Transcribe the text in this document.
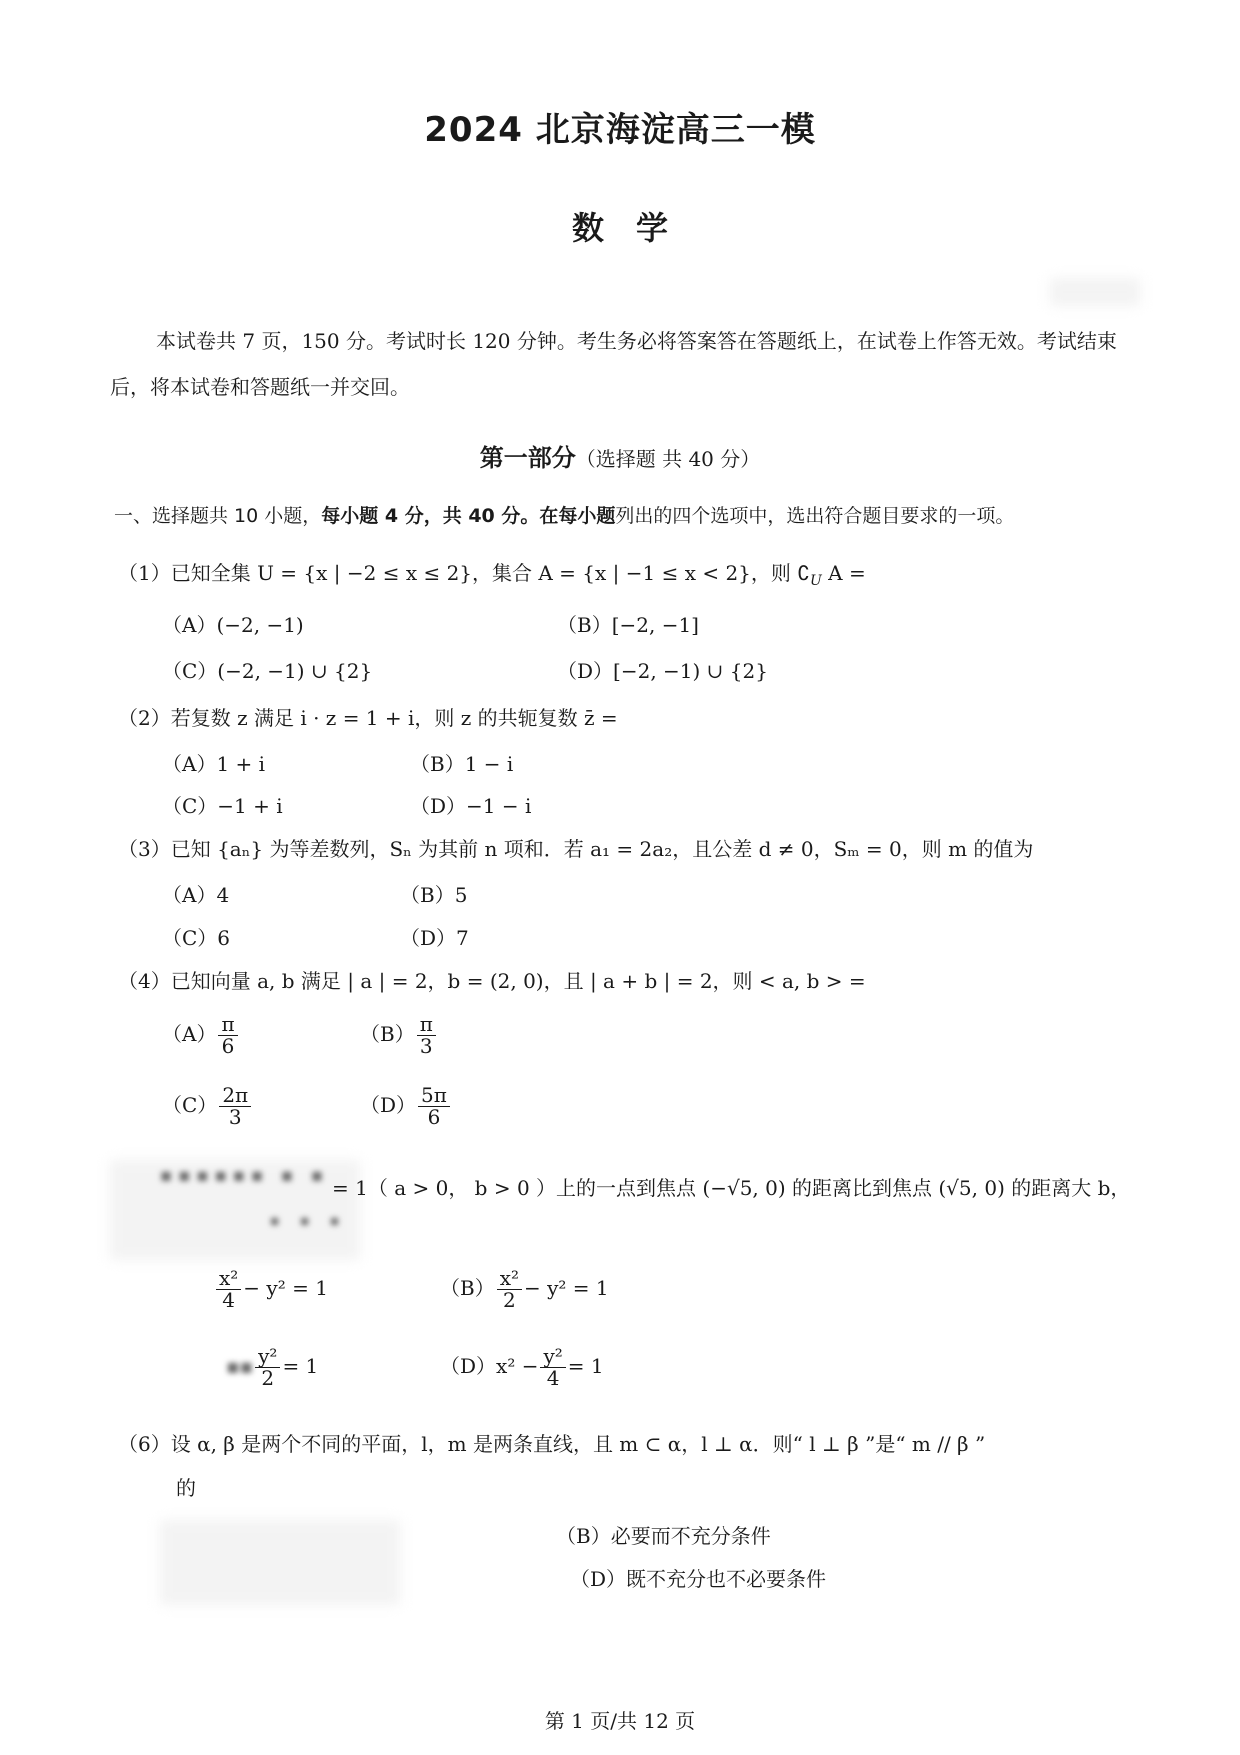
2024 北京海淀高三一模
数学
本试卷共 7 页，150 分。考试时长 120 分钟。考生务必将答案答在答题纸上，在试卷上作答无效。考试结束后，将本试卷和答题纸一并交回。
第一部分（选择题 共 40 分）
一、选择题共 10 小题，每小题 4 分，共 40 分。在每小题列出的四个选项中，选出符合题目要求的一项。
（1）已知全集 U = {x | −2 ≤ x ≤ 2}，集合 A = {x | −1 ≤ x < 2}，则 $∁_U$ A =
（A）(−2, −1)	（B）[−2, −1]
（C）(−2, −1) ∪ {2}	（D）[−2, −1) ∪ {2}
（2）若复数 z 满足 i · z = 1 + i，则 z 的共轭复数 z̄ =
（A）1 + i	（B）1 − i
（C）−1 + i	（D）−1 − i
（3）已知 {aₙ} 为等差数列，Sₙ 为其前 n 项和．若 a₁ = 2a₂，且公差 d ≠ 0，Sₘ = 0，则 m 的值为
（A）4	（B）5
（C）6	（D）7
（4）已知向量 a, b 满足 | a | = 2，b = (2, 0)，且 | a + b | = 2，则 < a, b > =
$(A) \frac{\pi}{6}$	$(B) \frac{\pi}{3}$
$(C) \frac{2\pi}{3}$	$(D) \frac{5\pi}{6}$
▪▪▪▪▪▪ ▪ ▪
▪ ▪ ▪
= 1（ a > 0， b > 0 ）上的一点到焦点 (−√5, 0) 的距离比到焦点 (√5, 0) 的距离大 b，
$\frac{\text{x²}}{4} - y^2 = 1$	$(B) \frac{\text{x²}}{2} - y^2 = 1$
▪▪ $\frac{\text{y²}}{2} = 1$	$(D)x^2 - \frac{\text{y²}}{4} = 1$
（6）设 α, β 是两个不同的平面，l，m 是两条直线，且 m ⊂ α，l ⊥ α．则“ l ⊥ β ”是“ m // β ”
的
（B）必要而不充分条件
（D）既不充分也不必要条件
第 1 页/共 12 页
